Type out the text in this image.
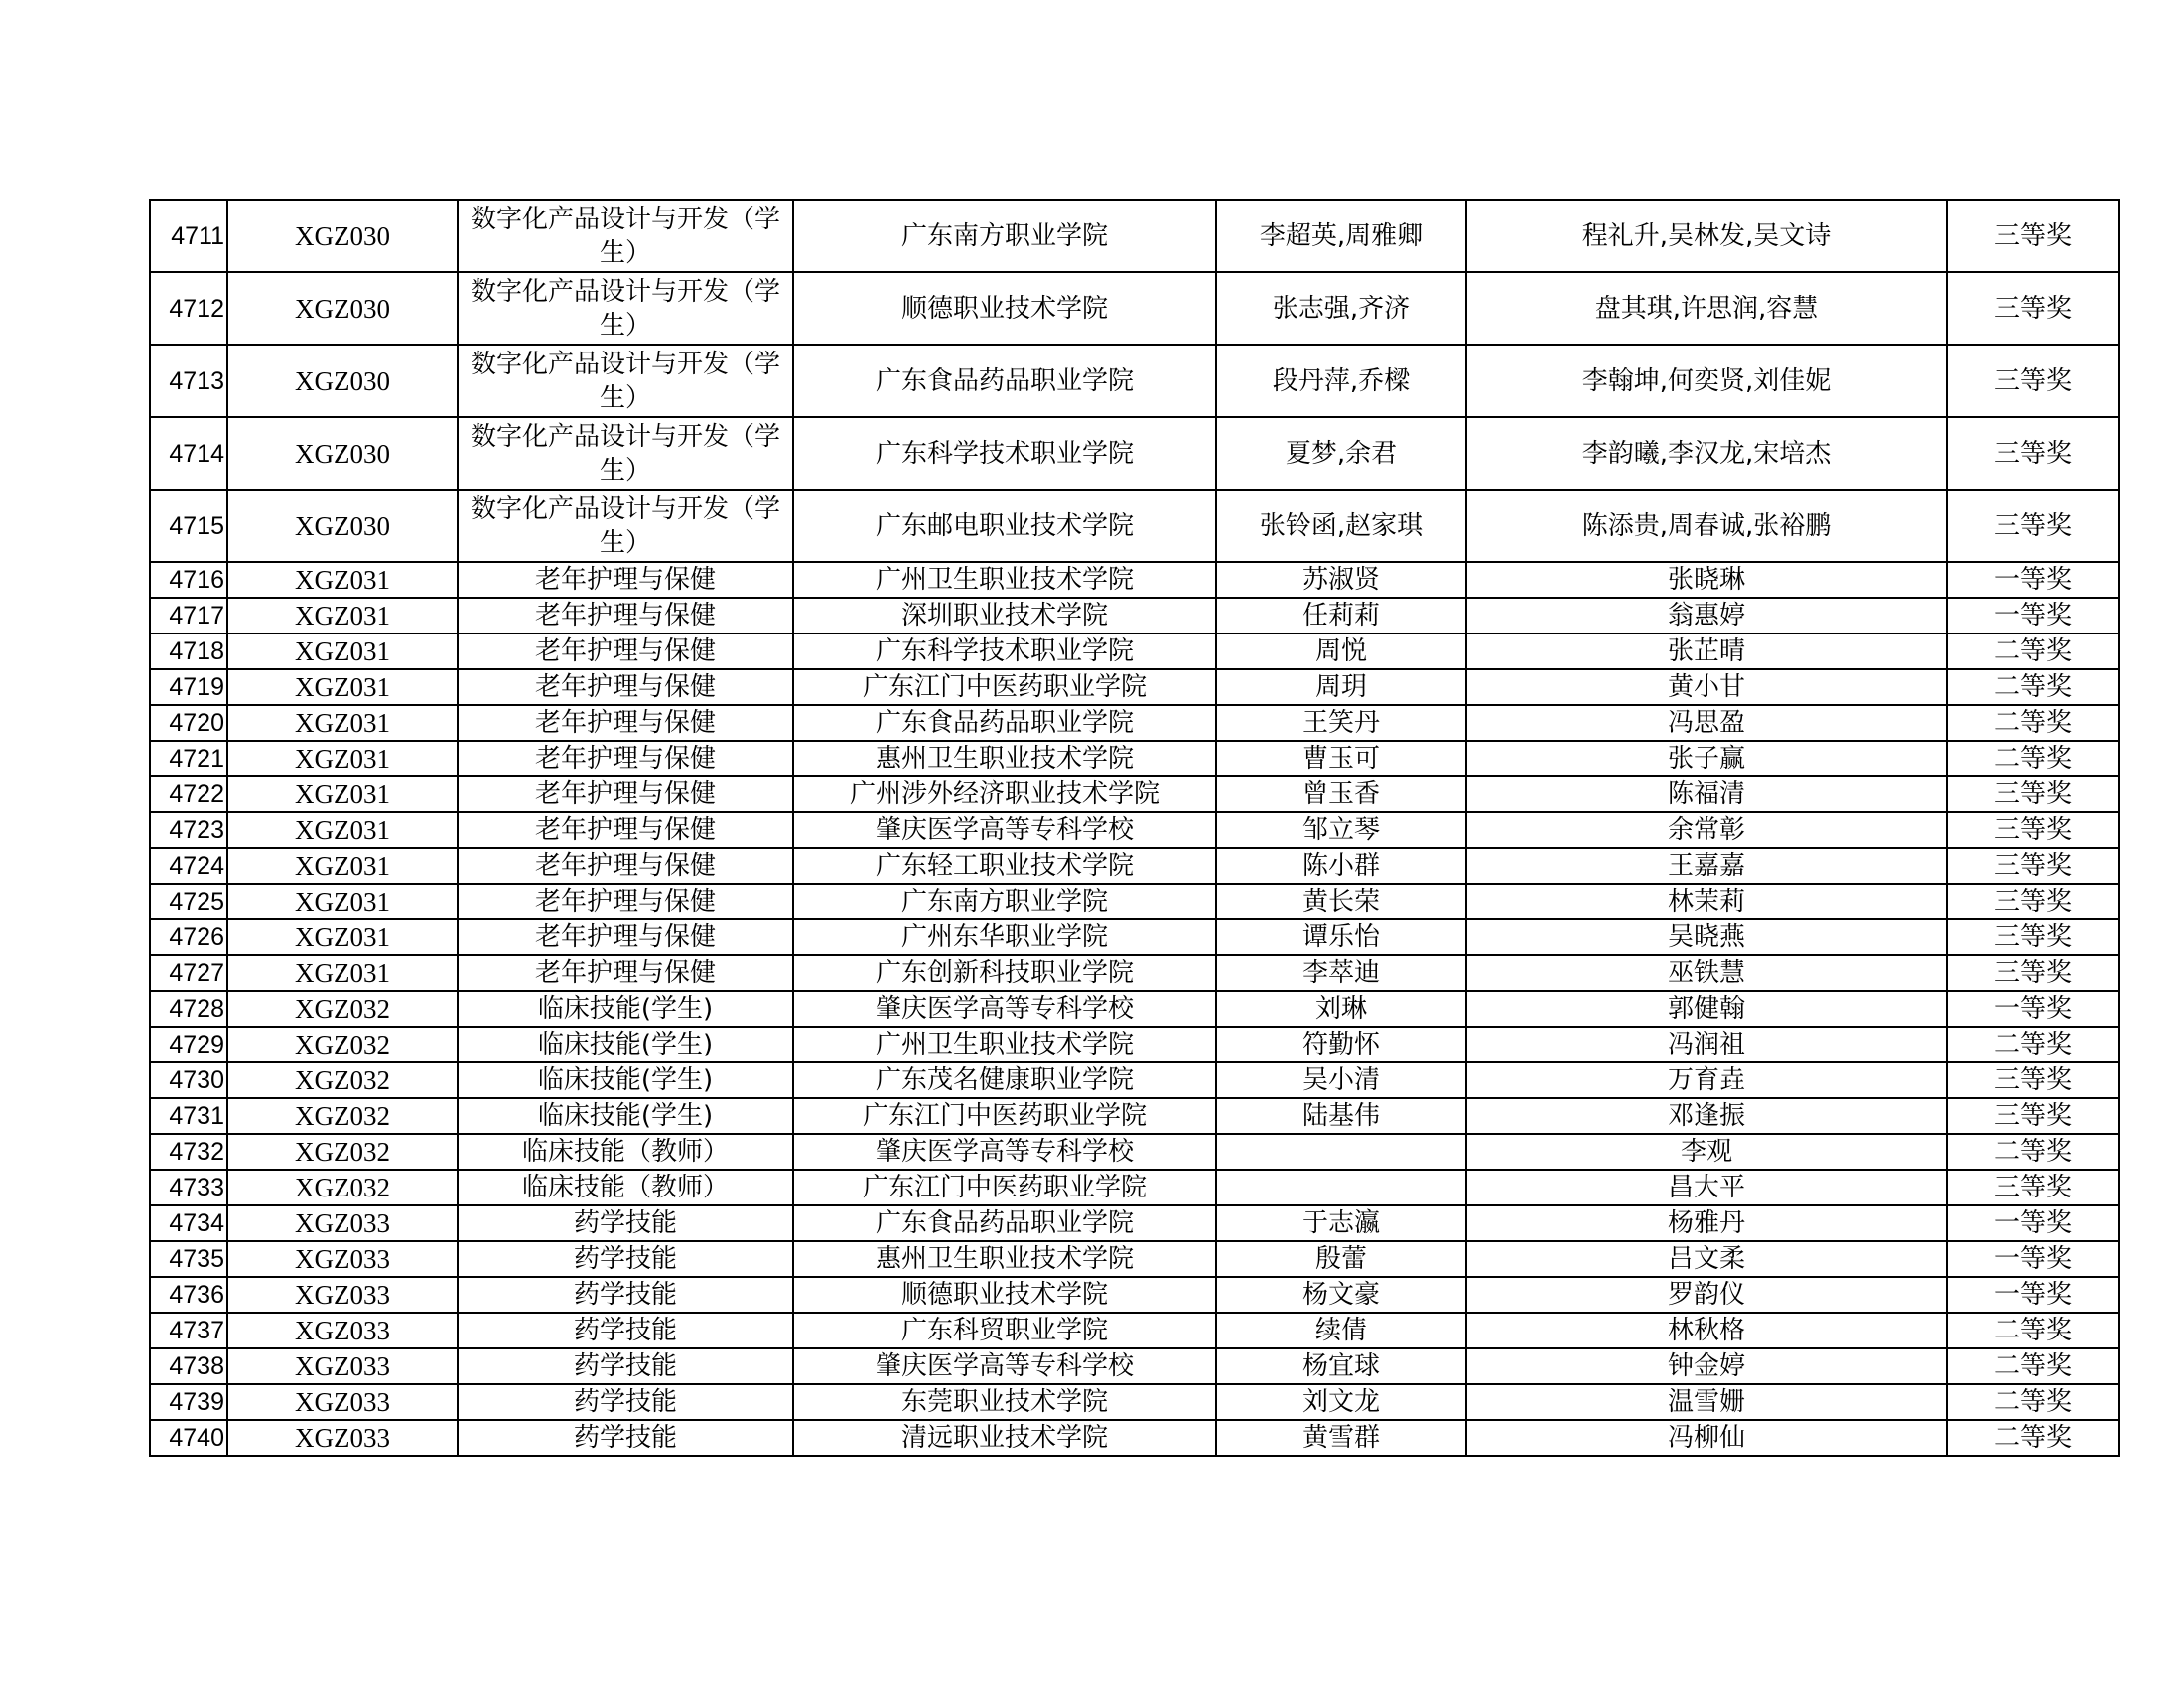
4711	XGZ030	数字化产品设计与开发（学生）	广东南方职业学院	李超英,周雅卿	程礼升,吴林发,吴文诗	三等奖
4712	XGZ030	数字化产品设计与开发（学生）	顺德职业技术学院	张志强,齐济	盘其琪,许思润,容慧	三等奖
4713	XGZ030	数字化产品设计与开发（学生）	广东食品药品职业学院	段丹萍,乔樑	李翰坤,何奕贤,刘佳妮	三等奖
4714	XGZ030	数字化产品设计与开发（学生）	广东科学技术职业学院	夏梦,余君	李韵曦,李汉龙,宋培杰	三等奖
4715	XGZ030	数字化产品设计与开发（学生）	广东邮电职业技术学院	张铃函,赵家琪	陈添贵,周春诚,张裕鹏	三等奖
4716	XGZ031	老年护理与保健	广州卫生职业技术学院	苏淑贤	张晓琳	一等奖
4717	XGZ031	老年护理与保健	深圳职业技术学院	任莉莉	翁惠婷	一等奖
4718	XGZ031	老年护理与保健	广东科学技术职业学院	周悦	张芷晴	二等奖
4719	XGZ031	老年护理与保健	广东江门中医药职业学院	周玥	黄小甘	二等奖
4720	XGZ031	老年护理与保健	广东食品药品职业学院	王笑丹	冯思盈	二等奖
4721	XGZ031	老年护理与保健	惠州卫生职业技术学院	曹玉可	张子赢	二等奖
4722	XGZ031	老年护理与保健	广州涉外经济职业技术学院	曾玉香	陈福清	三等奖
4723	XGZ031	老年护理与保健	肇庆医学高等专科学校	邹立琴	余常彰	三等奖
4724	XGZ031	老年护理与保健	广东轻工职业技术学院	陈小群	王嘉嘉	三等奖
4725	XGZ031	老年护理与保健	广东南方职业学院	黄长荣	林茉莉	三等奖
4726	XGZ031	老年护理与保健	广州东华职业学院	谭乐怡	吴晓燕	三等奖
4727	XGZ031	老年护理与保健	广东创新科技职业学院	李萃迪	巫铁慧	三等奖
4728	XGZ032	临床技能(学生)	肇庆医学高等专科学校	刘琳	郭健翰	一等奖
4729	XGZ032	临床技能(学生)	广州卫生职业技术学院	符勤怀	冯润祖	二等奖
4730	XGZ032	临床技能(学生)	广东茂名健康职业学院	吴小清	万育垚	三等奖
4731	XGZ032	临床技能(学生)	广东江门中医药职业学院	陆基伟	邓逢振	三等奖
4732	XGZ032	临床技能（教师）	肇庆医学高等专科学校		李观	二等奖
4733	XGZ032	临床技能（教师）	广东江门中医药职业学院		昌大平	三等奖
4734	XGZ033	药学技能	广东食品药品职业学院	于志瀛	杨雅丹	一等奖
4735	XGZ033	药学技能	惠州卫生职业技术学院	殷蕾	吕文柔	一等奖
4736	XGZ033	药学技能	顺德职业技术学院	杨文豪	罗韵仪	一等奖
4737	XGZ033	药学技能	广东科贸职业学院	续倩	林秋格	二等奖
4738	XGZ033	药学技能	肇庆医学高等专科学校	杨宜球	钟金婷	二等奖
4739	XGZ033	药学技能	东莞职业技术学院	刘文龙	温雪姗	二等奖
4740	XGZ033	药学技能	清远职业技术学院	黄雪群	冯柳仙	二等奖
